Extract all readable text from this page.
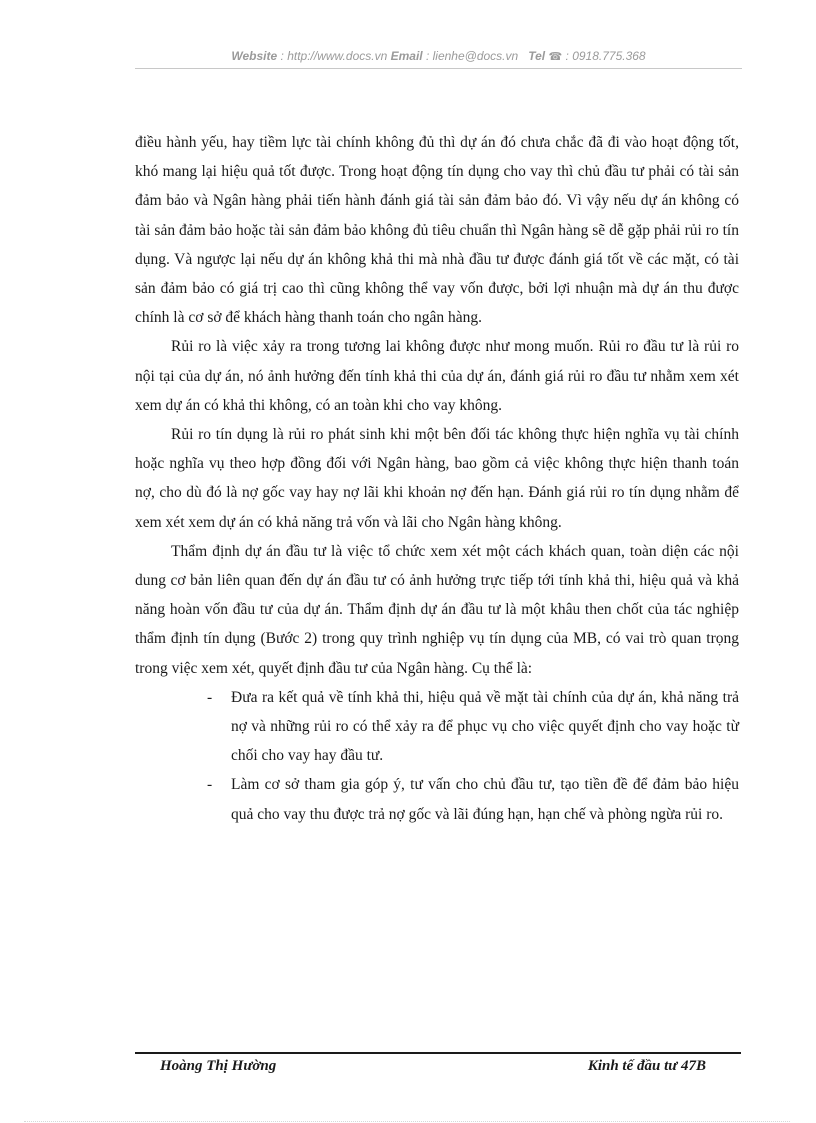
Website : http://www.docs.vn Email : lienhe@docs.vn Tel ☎ : 0918.775.368

điều hành yếu, hay tiềm lực tài chính không đủ thì dự án đó chưa chắc đã đi vào hoạt động tốt, khó mang lại hiệu quả tốt được. Trong hoạt động tín dụng cho vay thì chủ đầu tư phải có tài sản đảm bảo và Ngân hàng phải tiến hành đánh giá tài sản đảm bảo đó. Vì vậy nếu dự án không có tài sản đảm bảo hoặc tài sản đảm bảo không đủ tiêu chuẩn thì Ngân hàng sẽ dễ gặp phải rủi ro tín dụng. Và ngược lại nếu dự án không khả thi mà nhà đầu tư được đánh giá tốt về các mặt, có tài sản đảm bảo có giá trị cao thì cũng không thể vay vốn được, bởi lợi nhuận mà dự án thu được chính là cơ sở để khách hàng thanh toán cho ngân hàng.

Rủi ro là việc xảy ra trong tương lai không được như mong muốn. Rủi ro đầu tư là rủi ro nội tại của dự án, nó ảnh hưởng đến tính khả thi của dự án, đánh giá rủi ro đầu tư nhằm xem xét xem dự án có khả thi không, có an toàn khi cho vay không.

Rủi ro tín dụng là rủi ro phát sinh khi một bên đối tác không thực hiện nghĩa vụ tài chính hoặc nghĩa vụ theo hợp đồng đối với Ngân hàng, bao gồm cả việc không thực hiện thanh toán nợ, cho dù đó là nợ gốc vay hay nợ lãi khi khoản nợ đến hạn. Đánh giá rủi ro tín dụng nhằm để xem xét xem dự án có khả năng trả vốn và lãi cho Ngân hàng không.

Thẩm định dự án đầu tư là việc tổ chức xem xét một cách khách quan, toàn diện các nội dung cơ bản liên quan đến dự án đầu tư có ảnh hưởng trực tiếp tới tính khả thi, hiệu quả và khả năng hoàn vốn đầu tư của dự án. Thẩm định dự án đầu tư là một khâu then chốt của tác nghiệp thẩm định tín dụng (Bước 2) trong quy trình nghiệp vụ tín dụng của MB, có vai trò quan trọng trong việc xem xét, quyết định đầu tư của Ngân hàng. Cụ thể là:

- Đưa ra kết quả về tính khả thi, hiệu quả về mặt tài chính của dự án, khả năng trả nợ và những rủi ro có thể xảy ra để phục vụ cho việc quyết định cho vay hoặc từ chối cho vay hay đầu tư.
- Làm cơ sở tham gia góp ý, tư vấn cho chủ đầu tư, tạo tiền đề để đảm bảo hiệu quả cho vay thu được trả nợ gốc và lãi đúng hạn, hạn chế và phòng ngừa rủi ro.
Hoàng Thị Hường	Kinh tế đầu tư 47B
